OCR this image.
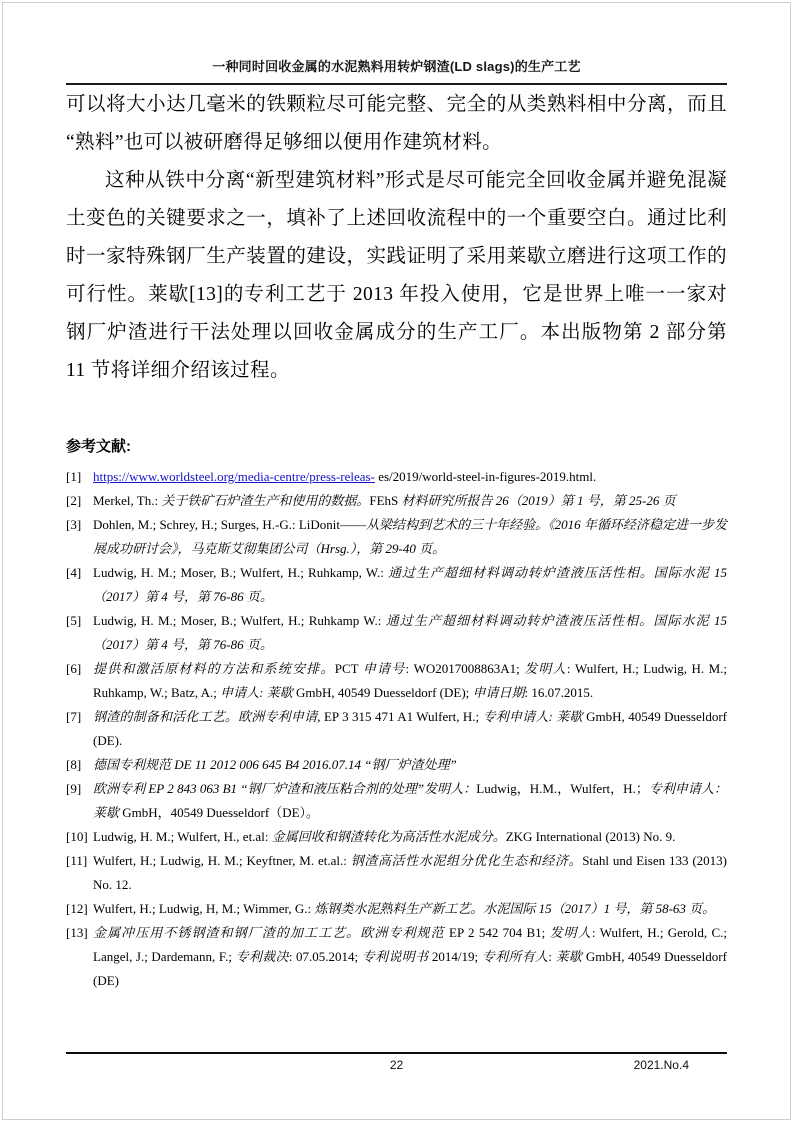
一种同时回收金属的水泥熟料用转炉钢渣(LD slags)的生产工艺

可以将大小达几毫米的铁颗粒尽可能完整、完全的从类熟料相中分离，而且“熟料”也可以被研磨得足够细以便用作建筑材料。

这种从铁中分离“新型建筑材料”形式是尽可能完全回收金属并避免混凝土变色的关键要求之一，填补了上述回收流程中的一个重要空白。通过比利时一家特殊钢厂生产装置的建设，实践证明了采用莱歇立磨进行这项工作的可行性。莱歇[13]的专利工艺于 2013 年投入使用，它是世界上唯一一家对钢厂炉渣进行干法处理以回收金属成分的生产工厂。本出版物第 2 部分第 11 节将详细介绍该过程。

参考文献:
[1] https://www.worldsteel.org/media-centre/press-releas- es/2019/world-steel-in-figures-2019.html.
[2] Merkel, Th.: 关于铁矿石炉渣生产和使用的数据。FEhS 材料研究所报告 26（2019）第 1 号，第 25-26 页
[3] Dohlen, M.; Schrey, H.; Surges, H.-G.: LiDonit——从梁结构到艺术的三十年经验。《2016 年循环经济稳定进一步发展成功研讨会》，马克斯艾彻集团公司（Hrsg.），第 29-40 页。
[4] Ludwig, H. M.; Moser, B.; Wulfert, H.; Ruhkamp, W.: 通过生产超细材料调动转炉渣液压活性相。国际水泥 15（2017）第 4 号，第 76-86 页。
[5] Ludwig, H. M.; Moser, B.; Wulfert, H.; Ruhkamp W.: 通过生产超细材料调动转炉渣液压活性相。国际水泥 15（2017）第 4 号，第 76-86 页。
[6] 提供和激活原材料的方法和系统安排。PCT 申请号: WO2017008863A1; 发明人: Wulfert, H.; Ludwig, H. M.; Ruhkamp, W.; Batz, A.; 申请人: 莱歇 GmbH, 40549 Duesseldorf (DE); 申请日期: 16.07.2015.
[7] 钢渣的制备和活化工艺。欧洲专利申请, EP 3 315 471 A1 Wulfert, H.; 专利申请人: 莱歇 GmbH, 40549 Duesseldorf (DE).
[8] 德国专利规范 DE 11 2012 006 645 B4 2016.07.14 “钢厂炉渣处理”
[9] 欧洲专利 EP 2 843 063 B1 “钢厂炉渣和液压粘合剂的处理”发明人：Ludwig，H.M.，Wulfert，H.；专利申请人：莱歇 GmbH，40549 Duesseldorf（DE）。
[10] Ludwig, H. M.; Wulfert, H., et.al: 金属回收和钢渣转化为高活性水泥成分。ZKG International (2013) No. 9.
[11] Wulfert, H.; Ludwig, H. M.; Keyftner, M. et.al.: 钢渣高活性水泥组分优化生态和经济。Stahl und Eisen 133 (2013) No. 12.
[12] Wulfert, H.; Ludwig, H, M.; Wimmer, G.: 炼钢类水泥熟料生产新工艺。水泥国际 15（2017）1 号，第 58-63 页。
[13] 金属冲压用不锈钢渣和钢厂渣的加工工艺。欧洲专利规范 EP 2 542 704 B1; 发明人: Wulfert, H.; Gerold, C.; Langel, J.; Dardemann, F.; 专利裁决: 07.05.2014; 专利说明书 2014/19; 专利所有人: 莱歇 GmbH, 40549 Duesseldorf (DE)
22	2021.No.4
